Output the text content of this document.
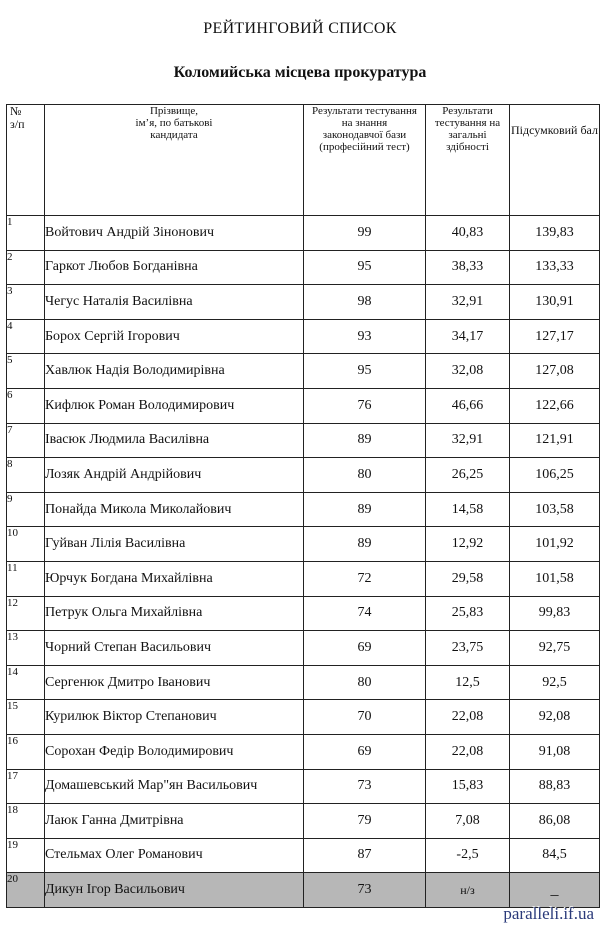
РЕЙТИНГОВИЙ СПИСОК
Коломийська місцева прокуратура
№ з/п	Прізвище,
ім’я, по батькові
кандидата	Результати тестування на знання законодавчої бази (професійний тест)	Результати тестування на загальні здібності	Підсумковий бал

1	Войтович Андрій Зінонович	99	40,83	139,83
2	Гаркот Любов Богданівна	95	38,33	133,33
3	Чегус Наталія Василівна	98	32,91	130,91
4	Борох Сергій Ігорович	93	34,17	127,17
5	Хавлюк Надія Володимирівна	95	32,08	127,08
6	Кифлюк Роман Володимирович	76	46,66	122,66
7	Івасюк Людмила Василівна	89	32,91	121,91
8	Лозяк Андрій Андрійович	80	26,25	106,25
9	Понайда Микола Миколайович	89	14,58	103,58
10	Гуйван Лілія Василівна	89	12,92	101,92
11	Юрчук Богдана Михайлівна	72	29,58	101,58
12	Петрук Ольга Михайлівна	74	25,83	99,83
13	Чорний Степан Васильович	69	23,75	92,75
14	Сергенюк Дмитро Іванович	80	12,5	92,5
15	Курилюк Віктор Степанович	70	22,08	92,08
16	Сорохан Федір Володимирович	69	22,08	91,08
17	Домашевський Мар"ян Васильович	73	15,83	88,83
18	Лаюк Ганна Дмитрівна	79	7,08	86,08
19	Стельмах Олег Романович	87	-2,5	84,5
20	Дикун Ігор Васильович	73	н/з	_
paralleli.if.ua
